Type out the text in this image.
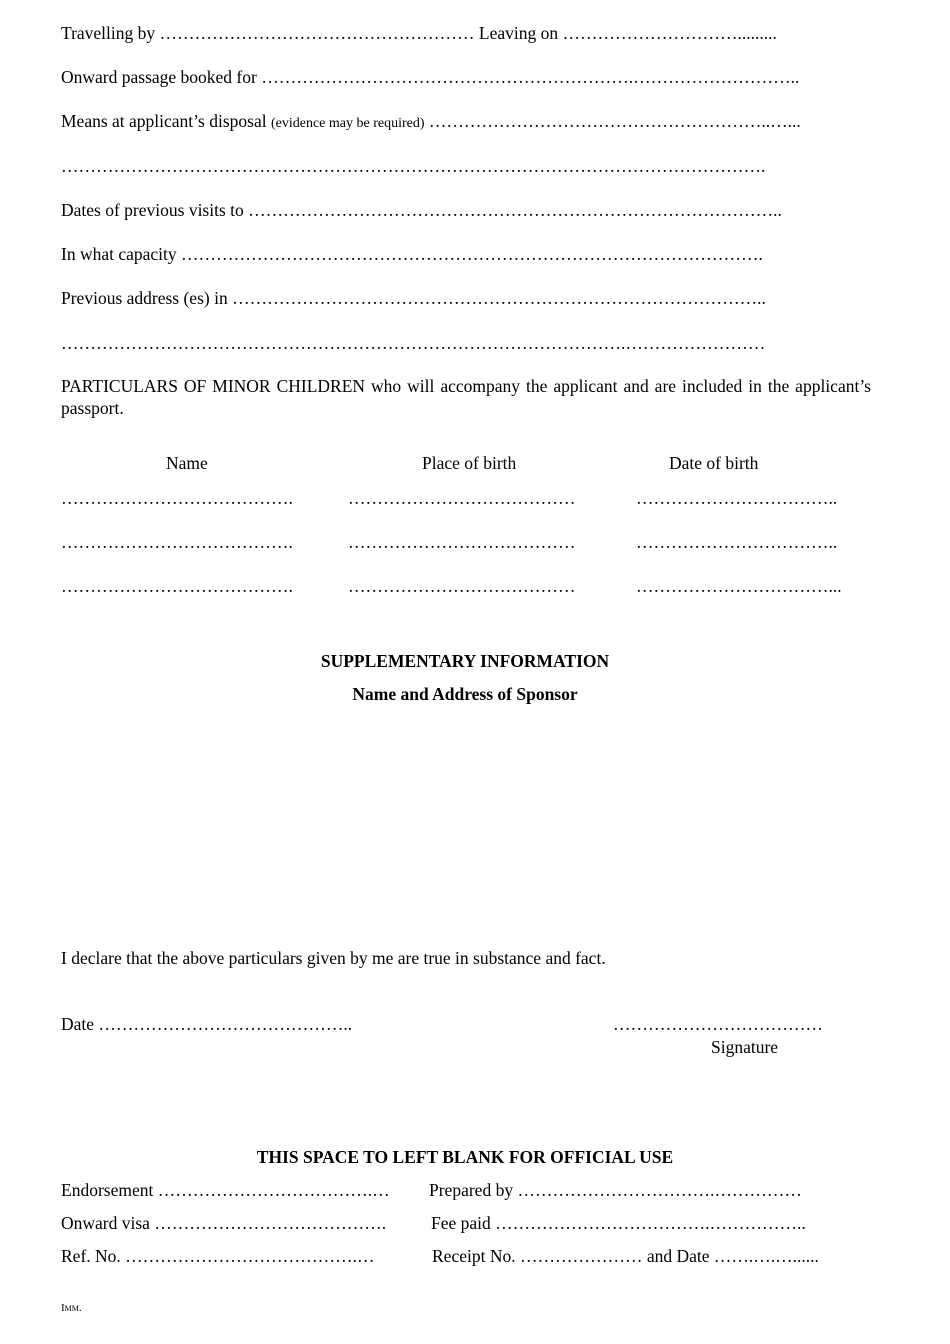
Travelling by ……………………………………………… Leaving on ………………………….........
Onward passage booked for ……………………………………………………….………………………..
Means at applicant’s disposal (evidence may be required) …………………………………………………..…...
………………………………………………………………………………………………………….
Dates of previous visits to ………………………………………………………………………………..
In what capacity ……………………………………………………………………………………….
Previous address (es) in ………………………………………………………………………………..
…………………………………………………………………………………….……………………
PARTICULARS OF MINOR CHILDREN who will accompany the applicant and are included in the applicant’s passport.
Name	Place of birth	Date of birth
………………………………….	…………………………………	……………………………..
………………………………….	…………………………………	……………………………..
………………………………….	…………………………………	……………………………...
SUPPLEMENTARY INFORMATION
Name and Address of Sponsor
I declare that the above particulars given by me are true in substance and fact.
Date ……………………………………..	………………………………
Signature
THIS SPACE TO LEFT BLANK FOR OFFICIAL USE
Endorsement ……………………………….… Prepared by …………………………….……………
Onward visa ………………………………….	Fee paid ……………………………….……………..
Ref. No. ………………………………….…	Receipt No. ………………… and Date …….….…......
Imm.
